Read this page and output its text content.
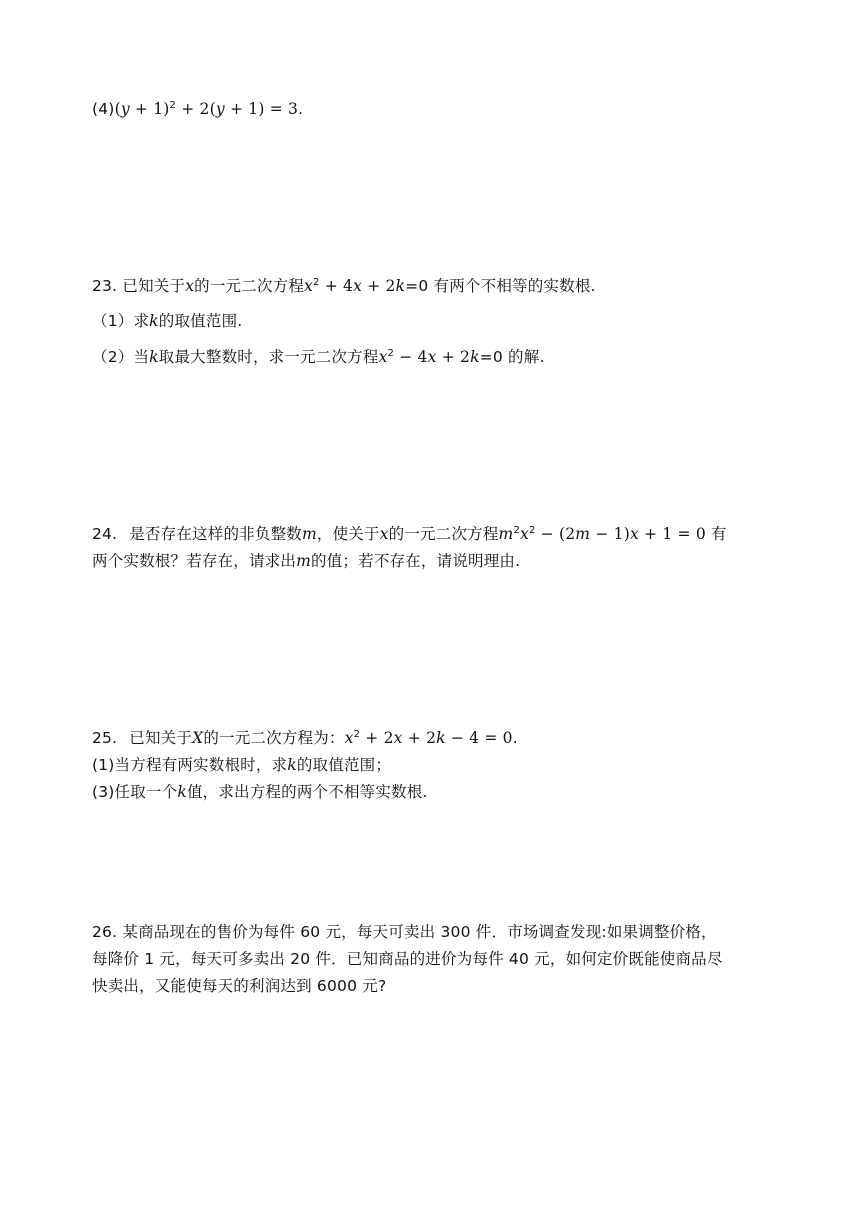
$(4)(y + 1)^2 + 2(y + 1) = 3$.
23. 已知关于x的一元二次方程$x^2 + 4x + 2k=0$ 有两个不相等的实数根.
（1）求k的取值范围.
（2）当k取最大整数时，求一元二次方程$x^2 - 4x + 2k=0$ 的解.
24. 是否存在这样的非负整数m，使关于x的一元二次方程$m^2x^2 - (2m - 1)x + 1 = 0$ 有
两个实数根？若存在，请求出m的值；若不存在，请说明理由.
25. 已知关于X的一元二次方程为：$x^2 + 2x + 2k - 4 = 0$.
(1)当方程有两实数根时，求k的取值范围；
(3)任取一个k值，求出方程的两个不相等实数根.
26. 某商品现在的售价为每件 60 元，每天可卖出 300 件．市场调查发现:如果调整价格，
每降价 1 元，每天可多卖出 20 件．已知商品的进价为每件 40 元，如何定价既能使商品尽
快卖出，又能使每天的利润达到 6000 元?
